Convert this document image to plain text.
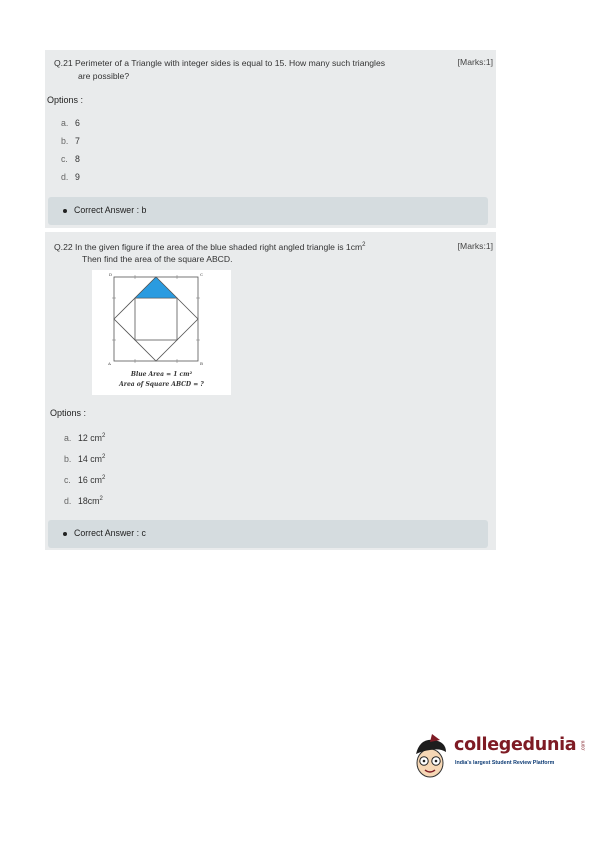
Q.21 Perimeter of a Triangle with integer sides is equal to 15. How many such triangles
are possible?
[Marks:1]
Options :
a. 6
b. 7
c. 8
d. 9
Correct Answer : b
Q.22 In the given figure if the area of the blue shaded right angled triangle is $1cm^2$
Then find the area of the square ABCD.
[Marks:1]
D	C
A	B
Blue Area = 1 cm²
Area of Square ABCD = ?
Options :
a. 12 $cm^2$
b. 14 $cm^2$
c. 16 $cm^2$
d. $18cm^2$
Correct Answer : c
collegedunia .com
India's largest Student Review Platform
